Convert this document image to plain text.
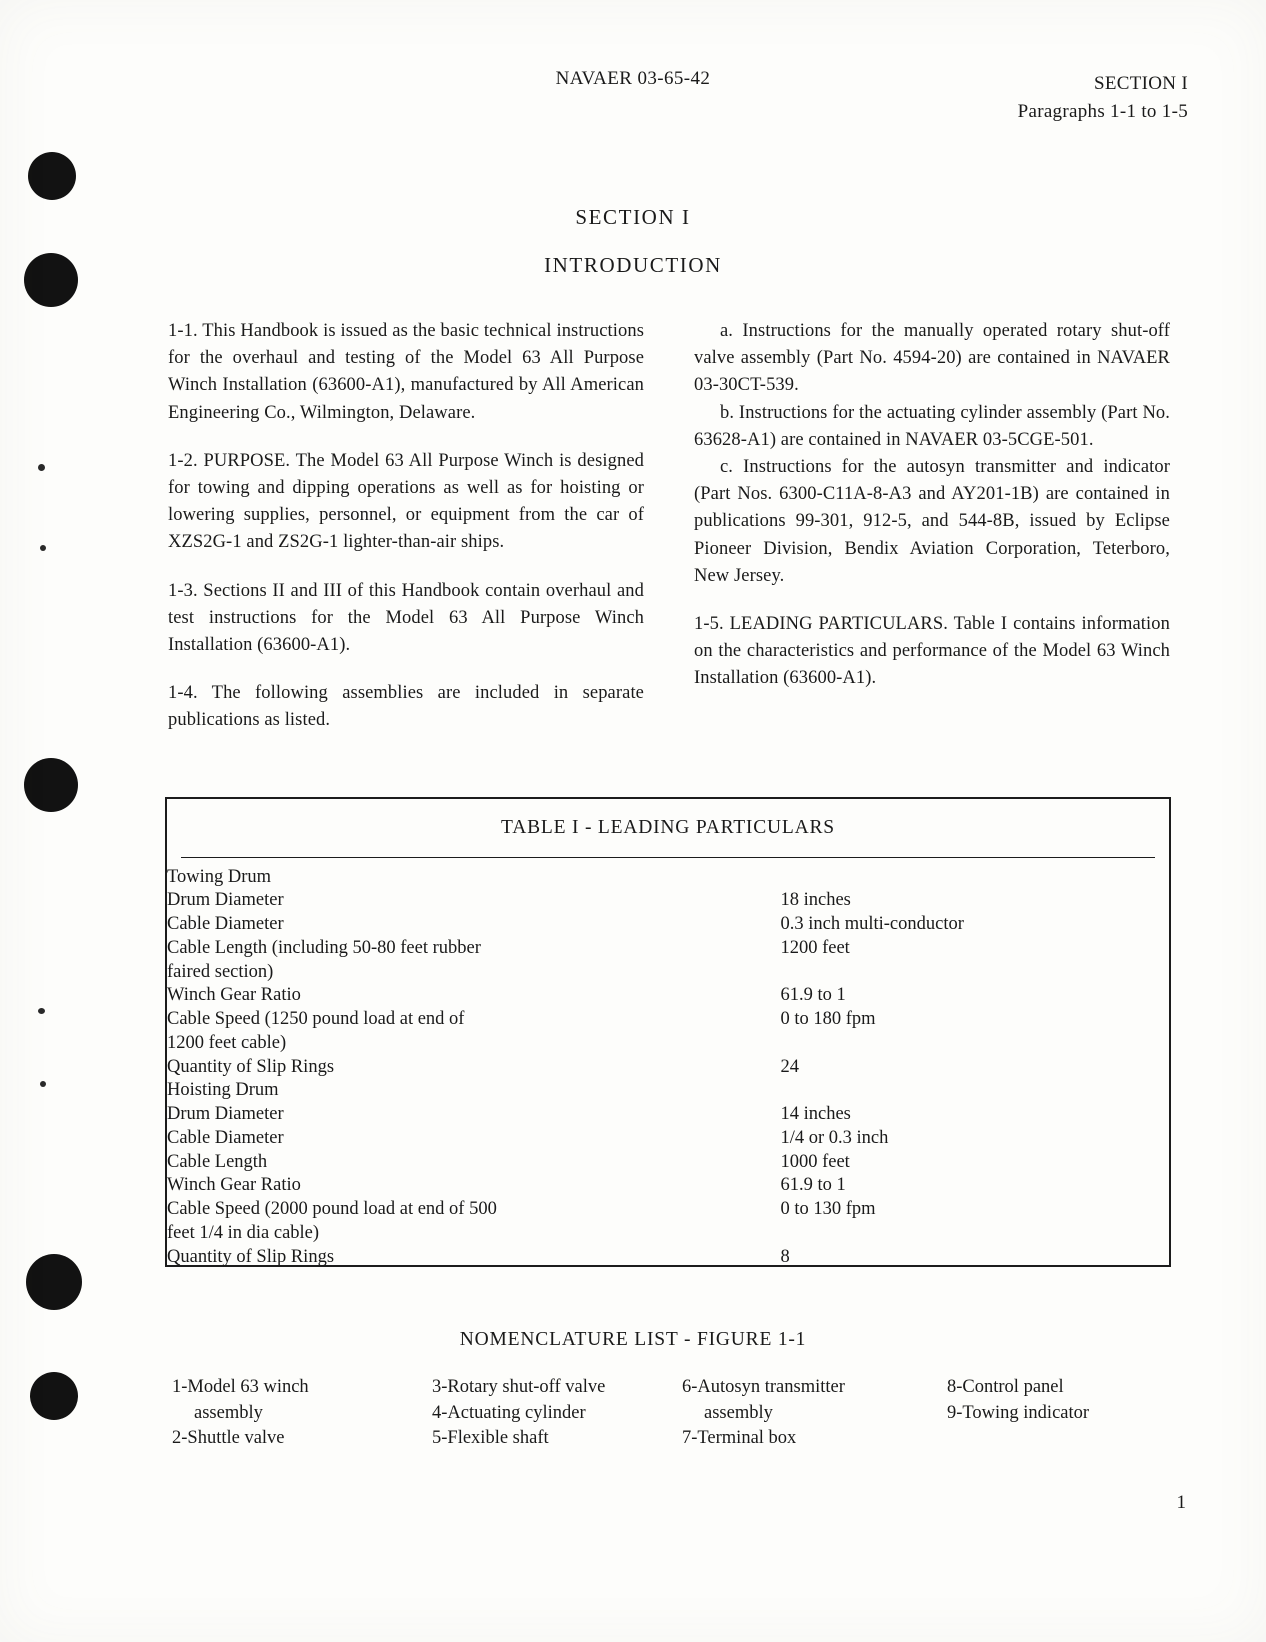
NAVAER 03-65-42	SECTION I
Paragraphs 1-1 to 1-5
SECTION I
INTRODUCTION

1-1. This Handbook is issued as the basic technical instructions for the overhaul and testing of the Model 63 All Purpose Winch Installation (63600-A1), manufactured by All American Engineering Co., Wilmington, Delaware.

1-2. PURPOSE. The Model 63 All Purpose Winch is designed for towing and dipping operations as well as for hoisting or lowering supplies, personnel, or equipment from the car of XZS2G-1 and ZS2G-1 lighter-than-air ships.

1-3. Sections II and III of this Handbook contain overhaul and test instructions for the Model 63 All Purpose Winch Installation (63600-A1).

1-4. The following assemblies are included in separate publications as listed.

a. Instructions for the manually operated rotary shut-off valve assembly (Part No. 4594-20) are contained in NAVAER 03-30CT-539.

b. Instructions for the actuating cylinder assembly (Part No. 63628-A1) are contained in NAVAER 03-5CGE-501.

c. Instructions for the autosyn transmitter and indicator (Part Nos. 6300-C11A-8-A3 and AY201-1B) are contained in publications 99-301, 912-5, and 544-8B, issued by Eclipse Pioneer Division, Bendix Aviation Corporation, Teterboro, New Jersey.

1-5. LEADING PARTICULARS. Table I contains information on the characteristics and performance of the Model 63 Winch Installation (63600-A1).

TABLE I - LEADING PARTICULARS
Towing Drum	
Drum Diameter	18 inches
Cable Diameter	0.3 inch multi-conductor
Cable Length (including 50-80 feet rubber	1200 feet
faired section)	
Winch Gear Ratio	61.9 to 1
Cable Speed (1250 pound load at end of	0 to 180 fpm
1200 feet cable)	
Quantity of Slip Rings	24
Hoisting Drum	
Drum Diameter	14 inches
Cable Diameter	1/4 or 0.3 inch
Cable Length	1000 feet
Winch Gear Ratio	61.9 to 1
Cable Speed (2000 pound load at end of 500	0 to 130 fpm
feet 1/4 in dia cable)	
Quantity of Slip Rings	8
NOMENCLATURE LIST - FIGURE 1-1
1-Model 63 winch
assembly
2-Shuttle valve
3-Rotary shut-off valve
4-Actuating cylinder
5-Flexible shaft
6-Autosyn transmitter
assembly
7-Terminal box
8-Control panel
9-Towing indicator
1
